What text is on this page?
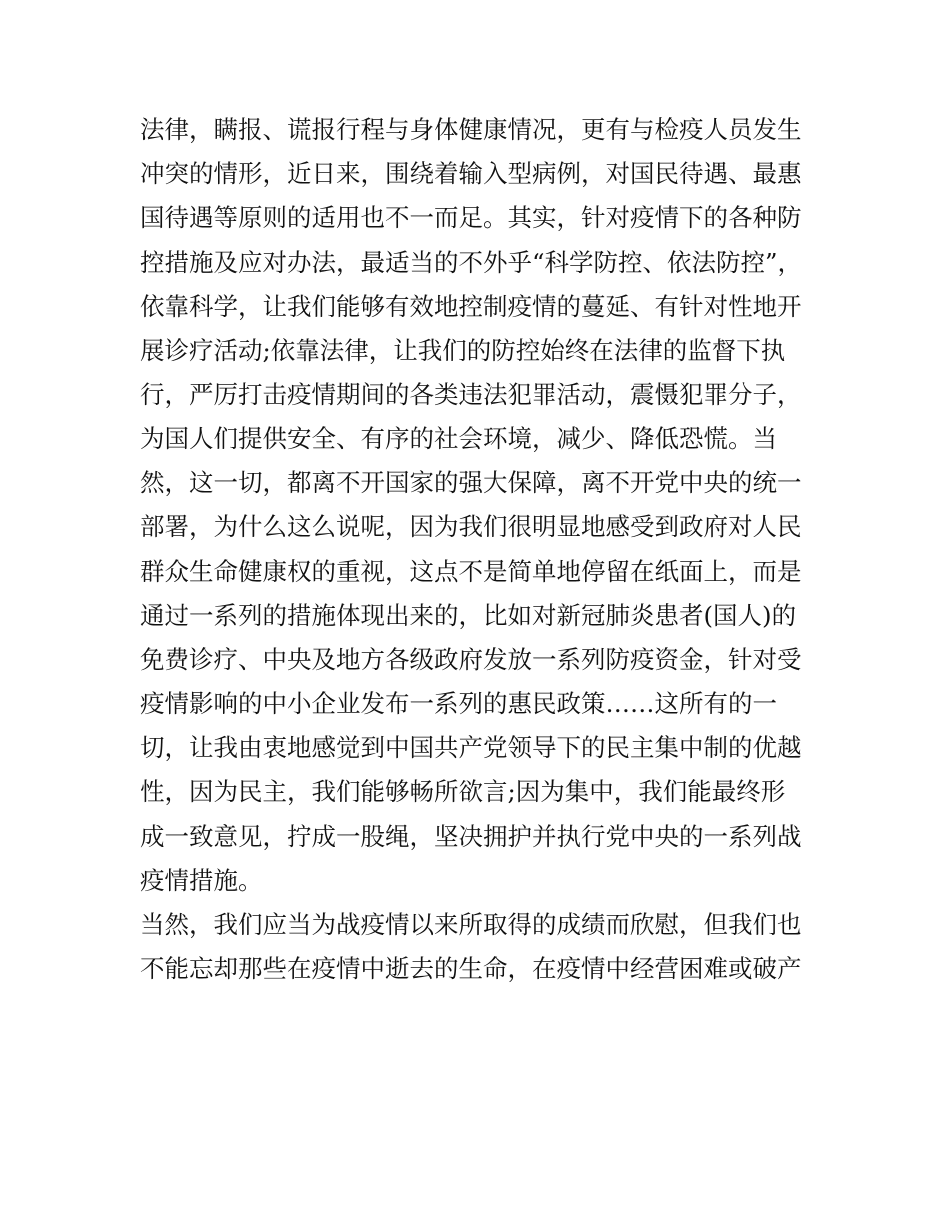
法律，瞒报、谎报行程与身体健康情况，更有与检疫人员发生
冲突的情形，近日来，围绕着输入型病例，对国民待遇、最惠
国待遇等原则的适用也不一而足。其实，针对疫情下的各种防
控措施及应对办法，最适当的不外乎“科学防控、依法防控”，
依靠科学，让我们能够有效地控制疫情的蔓延、有针对性地开
展诊疗活动;依靠法律，让我们的防控始终在法律的监督下执
行，严厉打击疫情期间的各类违法犯罪活动，震慑犯罪分子，
为国人们提供安全、有序的社会环境，减少、降低恐慌。当
然，这一切，都离不开国家的强大保障，离不开党中央的统一
部署，为什么这么说呢，因为我们很明显地感受到政府对人民
群众生命健康权的重视，这点不是简单地停留在纸面上，而是
通过一系列的措施体现出来的，比如对新冠肺炎患者(国人)的
免费诊疗、中央及地方各级政府发放一系列防疫资金，针对受
疫情影响的中小企业发布一系列的惠民政策……这所有的一
切，让我由衷地感觉到中国共产党领导下的民主集中制的优越
性，因为民主，我们能够畅所欲言;因为集中，我们能最终形
成一致意见，拧成一股绳，坚决拥护并执行党中央的一系列战
疫情措施。
当然，我们应当为战疫情以来所取得的成绩而欣慰，但我们也
不能忘却那些在疫情中逝去的生命，在疫情中经营困难或破产
